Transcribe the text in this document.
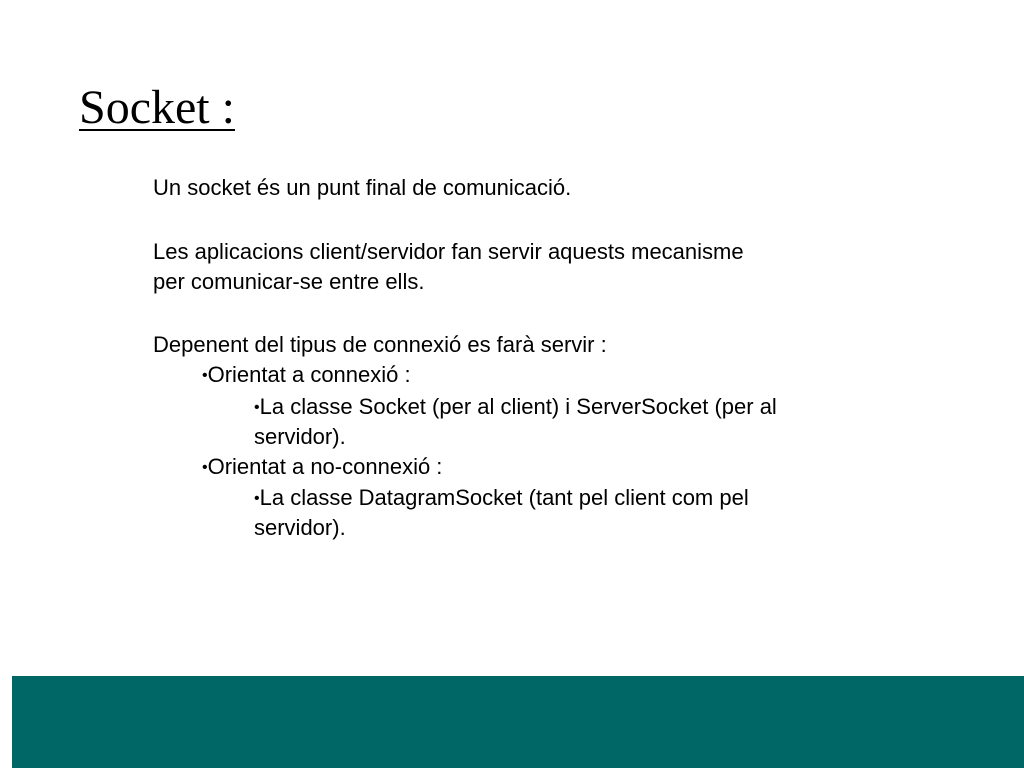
Socket :
Un socket és un punt final de comunicació.
Les aplicacions client/servidor fan servir aquests mecanisme
per comunicar-se entre ells.
Depenent del tipus de connexió es farà servir :
•Orientat a connexió :
•La classe Socket (per al client) i ServerSocket (per al
servidor).
•Orientat a no-connexió :
•La classe DatagramSocket (tant pel client com pel
servidor).
